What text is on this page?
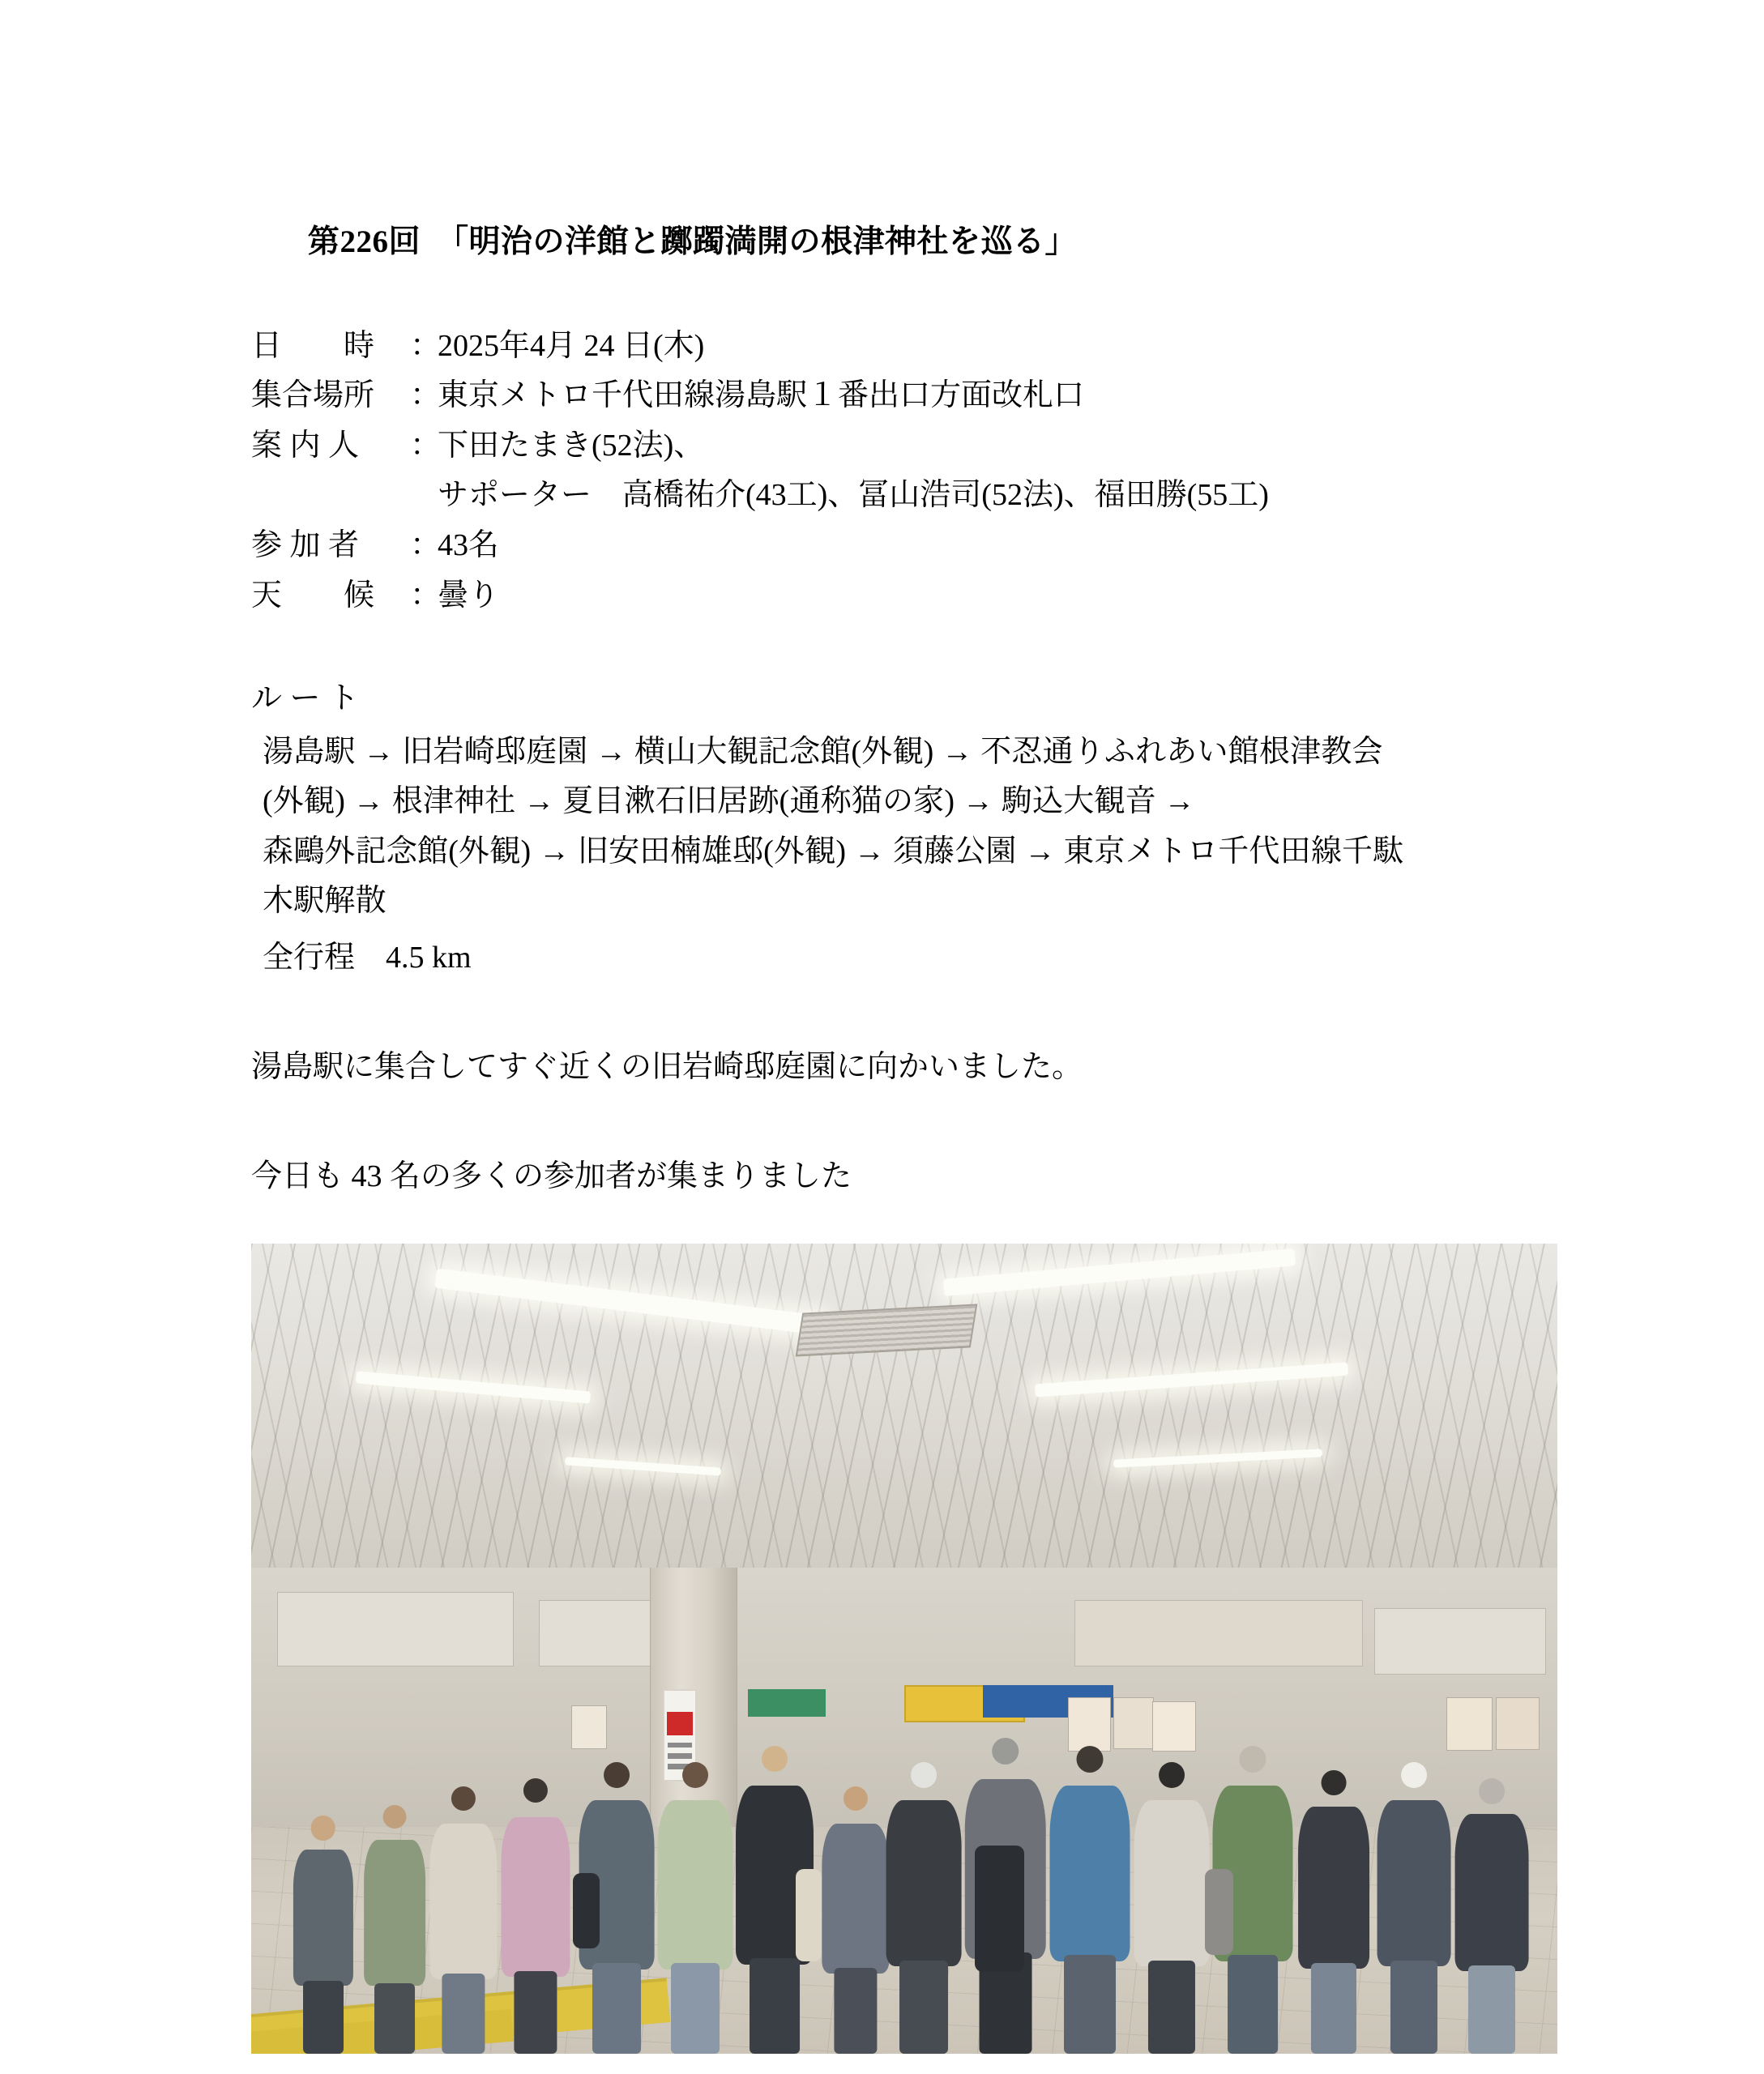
第226回　「明治の洋館と躑躅満開の根津神社を巡る」
日　　時	：
2025年4月 24 日(木)
集合場所	：
東京メトロ千代田線湯島駅１番出口方面改札口
案 内 人	：
下田たまき(52法)、
サポーター　高橋祐介(43工)、冨山浩司(52法)、福田勝(55工)
参 加 者	：
43名
天　　候	：
曇り
ル ー ト
湯島駅 → 旧岩崎邸庭園 → 横山大観記念館(外観) → 不忍通りふれあい館根津教会
(外観) → 根津神社 → 夏目漱石旧居跡(通称猫の家) → 駒込大観音 →
森鷗外記念館(外観) → 旧安田楠雄邸(外観) → 須藤公園 → 東京メトロ千代田線千駄
木駅解散
全行程　4.5 km
湯島駅に集合してすぐ近くの旧岩崎邸庭園に向かいました。
今日も 43 名の多くの参加者が集まりました
